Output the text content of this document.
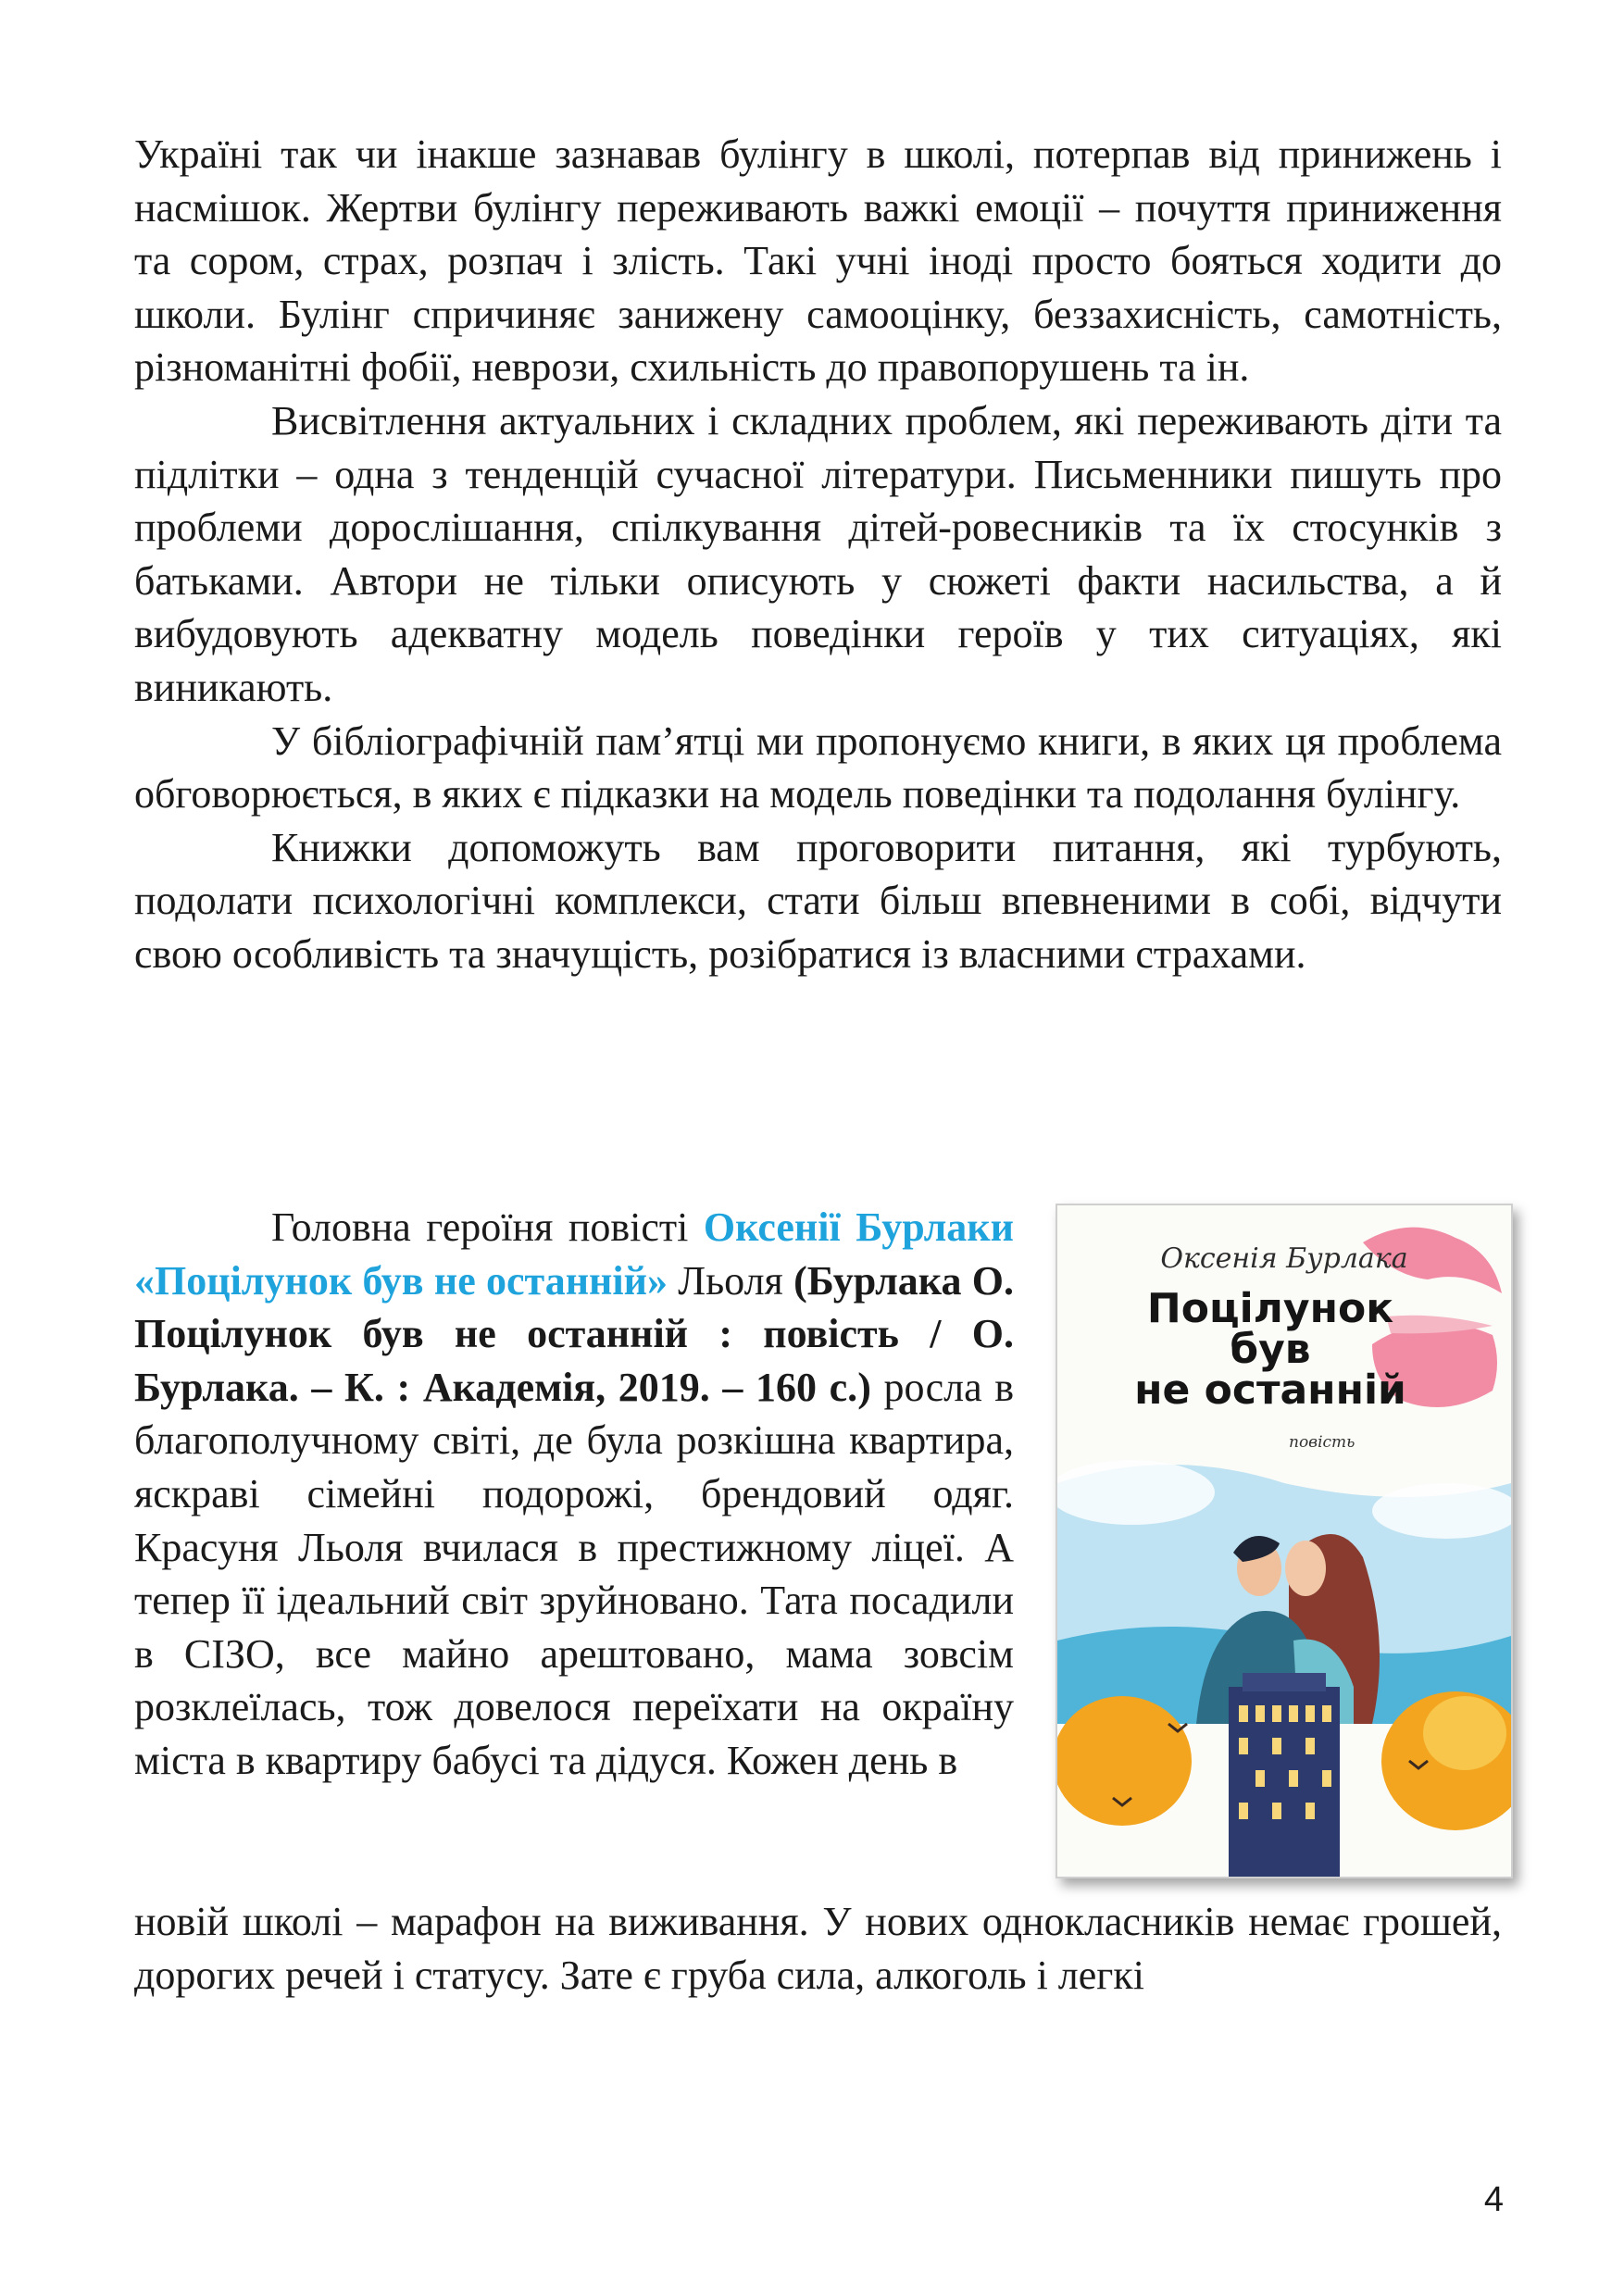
Україні так чи інакше зазнавав булінгу в школі, потерпав від принижень і насмішок. Жертви булінгу переживають важкі емоції – почуття приниження та сором, страх, розпач і злість. Такі учні іноді просто бояться ходити до школи. Булінг спричиняє занижену самооцінку, беззахисність, самотність, різноманітні фобії, неврози, схильність до правопорушень та ін.

Висвітлення актуальних і складних проблем, які переживають діти та підлітки – одна з тенденцій сучасної літератури. Письменники пишуть про проблеми дорослішання, спілкування дітей-ровесників та їх стосунків з батьками. Автори не тільки описують у сюжеті факти насильства, а й вибудовують адекватну модель поведінки героїв у тих ситуаціях, які виникають.

У бібліографічній пам’ятці ми пропонуємо книги, в яких ця проблема обговорюється, в яких є підказки на модель поведінки та подолання булінгу.

Книжки допоможуть вам проговорити питання, які турбують, подолати психологічні комплекси, стати більш впевненими в собі, відчути свою особливість та значущість, розібратися із власними страхами.

Головна героїня повісті Оксенії Бурлаки «Поцілунок був не останній» Льоля (Бурлака О. Поцілунок був не останній : повість / О. Бурлака. – К. : Академія, 2019. – 160 с.) росла в благополучному світі, де була розкішна квартира, яскраві сімейні подорожі, брендовий одяг. Красуня Льоля вчилася в престижному ліцеї. А тепер її ідеальний світ зруйновано. Тата посадили в СІЗО, все майно арештовано, мама зовсім розклеїлась, тож довелося переїхати на окраїну міста в квартиру бабусі та дідуся. Кожен день в

новій школі – марафон на виживання. У нових однокласників немає грошей, дорогих речей і статусу. Зате є груба сила, алкоголь і легкі

Оксенія Бурлака
Поцілунок
був
не останній
повість
4
